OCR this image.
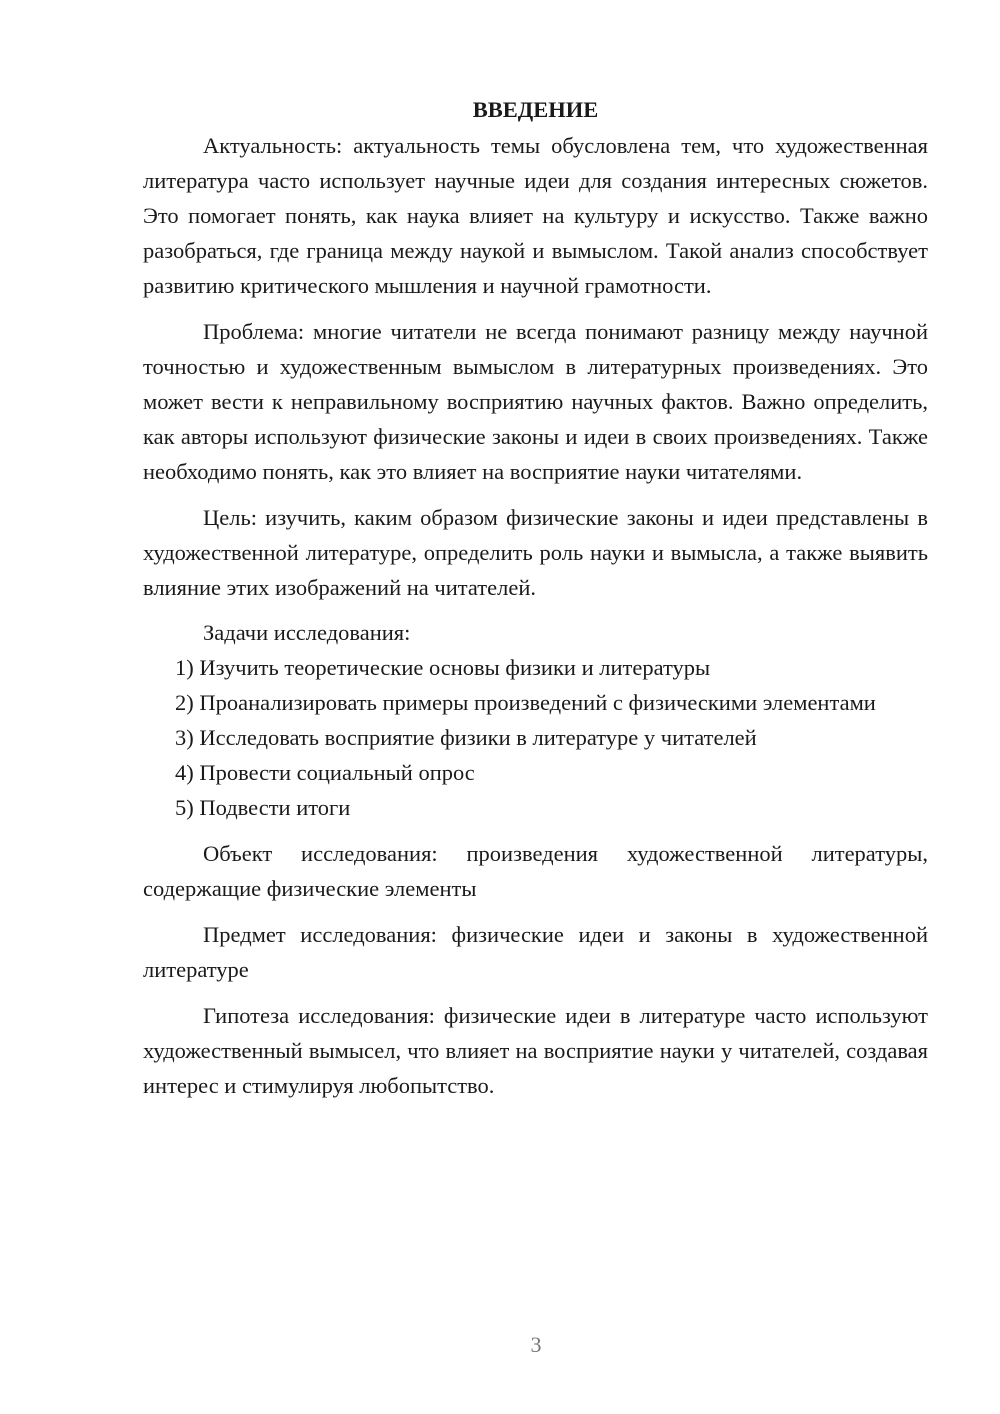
ВВЕДЕНИЕ

Актуальность: актуальность темы обусловлена тем, что художественная литература часто использует научные идеи для создания интересных сюжетов. Это помогает понять, как наука влияет на культуру и искусство. Также важно разобраться, где граница между наукой и вымыслом. Такой анализ способствует развитию критического мышления и научной грамотности.

Проблема: многие читатели не всегда понимают разницу между научной точностью и художественным вымыслом в литературных произведениях. Это может вести к неправильному восприятию научных фактов. Важно определить, как авторы используют физические законы и идеи в своих произведениях. Также необходимо понять, как это влияет на восприятие науки читателями.

Цель: изучить, каким образом физические законы и идеи представлены в художественной литературе, определить роль науки и вымысла, а также выявить влияние этих изображений на читателей.

Задачи исследования:

1) Изучить теоретические основы физики и литературы

2) Проанализировать примеры произведений с физическими элементами

3) Исследовать восприятие физики в литературе у читателей

4) Провести социальный опрос

5) Подвести итоги

Объект исследования: произведения художественной литературы, содержащие физические элементы

Предмет исследования: физические идеи и законы в художественной литературе

Гипотеза исследования: физические идеи в литературе часто используют художественный вымысел, что влияет на восприятие науки у читателей, создавая интерес и стимулируя любопытство.

3
